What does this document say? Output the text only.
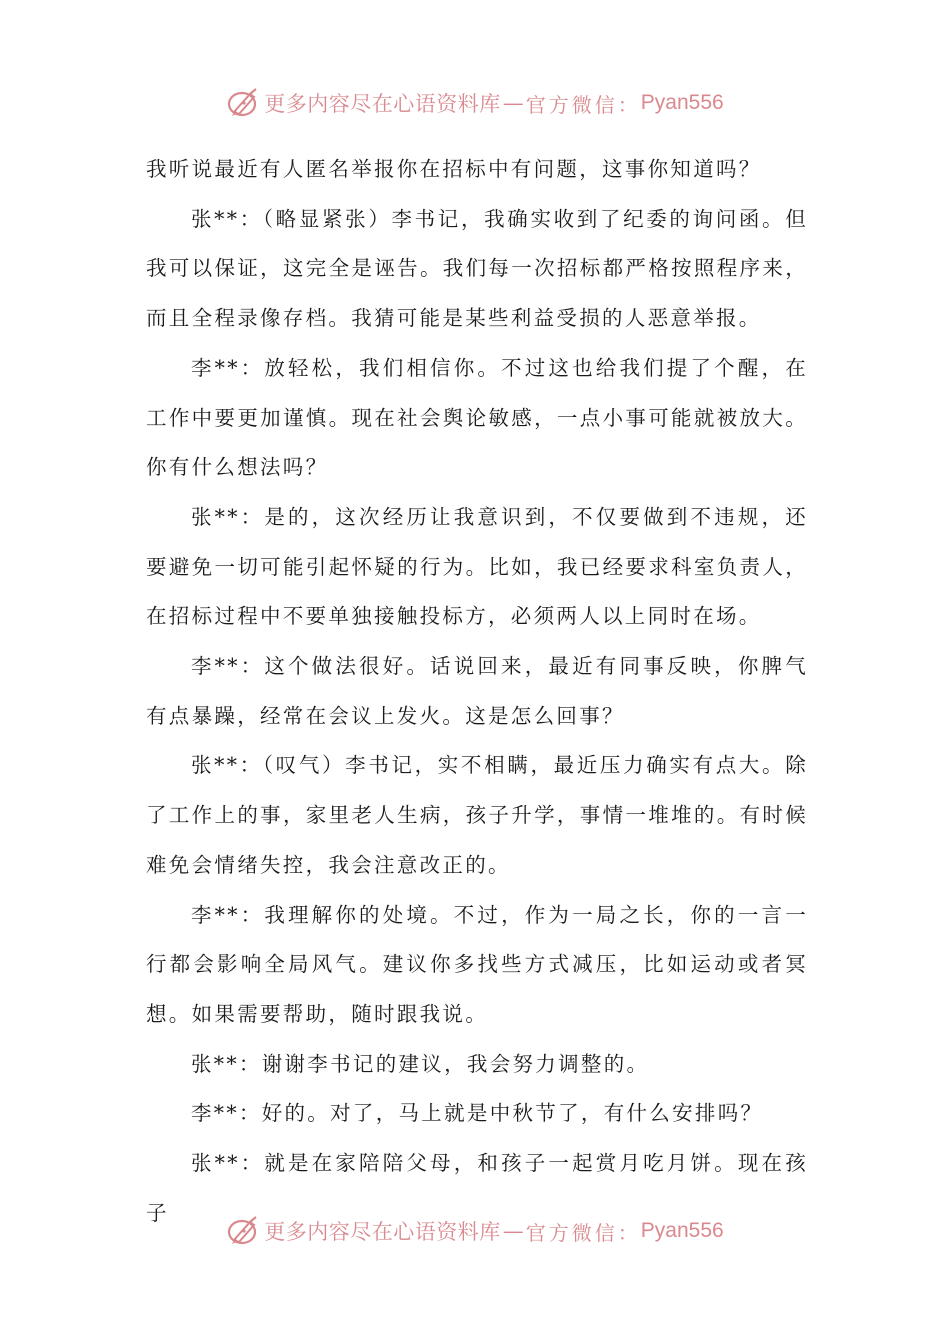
更多内容尽在心语资料库 — 官方微信： Pyan556

我听说最近有人匿名举报你在招标中有问题，这事你知道吗？

张**：（略显紧张）李书记，我确实收到了纪委的询问函。但我可以保证，这完全是诬告。我们每一次招标都严格按照程序来，而且全程录像存档。我猜可能是某些利益受损的人恶意举报。

李**：放轻松，我们相信你。不过这也给我们提了个醒，在工作中要更加谨慎。现在社会舆论敏感，一点小事可能就被放大。你有什么想法吗？

张**：是的，这次经历让我意识到，不仅要做到不违规，还要避免一切可能引起怀疑的行为。比如，我已经要求科室负责人，在招标过程中不要单独接触投标方，必须两人以上同时在场。

李**：这个做法很好。话说回来，最近有同事反映，你脾气有点暴躁，经常在会议上发火。这是怎么回事？

张**：（叹气）李书记，实不相瞒，最近压力确实有点大。除了工作上的事，家里老人生病，孩子升学，事情一堆堆的。有时候难免会情绪失控，我会注意改正的。

李**：我理解你的处境。不过，作为一局之长，你的一言一行都会影响全局风气。建议你多找些方式减压，比如运动或者冥想。如果需要帮助，随时跟我说。

张**：谢谢李书记的建议，我会努力调整的。

李**：好的。对了，马上就是中秋节了，有什么安排吗？

张**：就是在家陪陪父母，和孩子一起赏月吃月饼。现在孩子

更多内容尽在心语资料库 — 官方微信： Pyan556
